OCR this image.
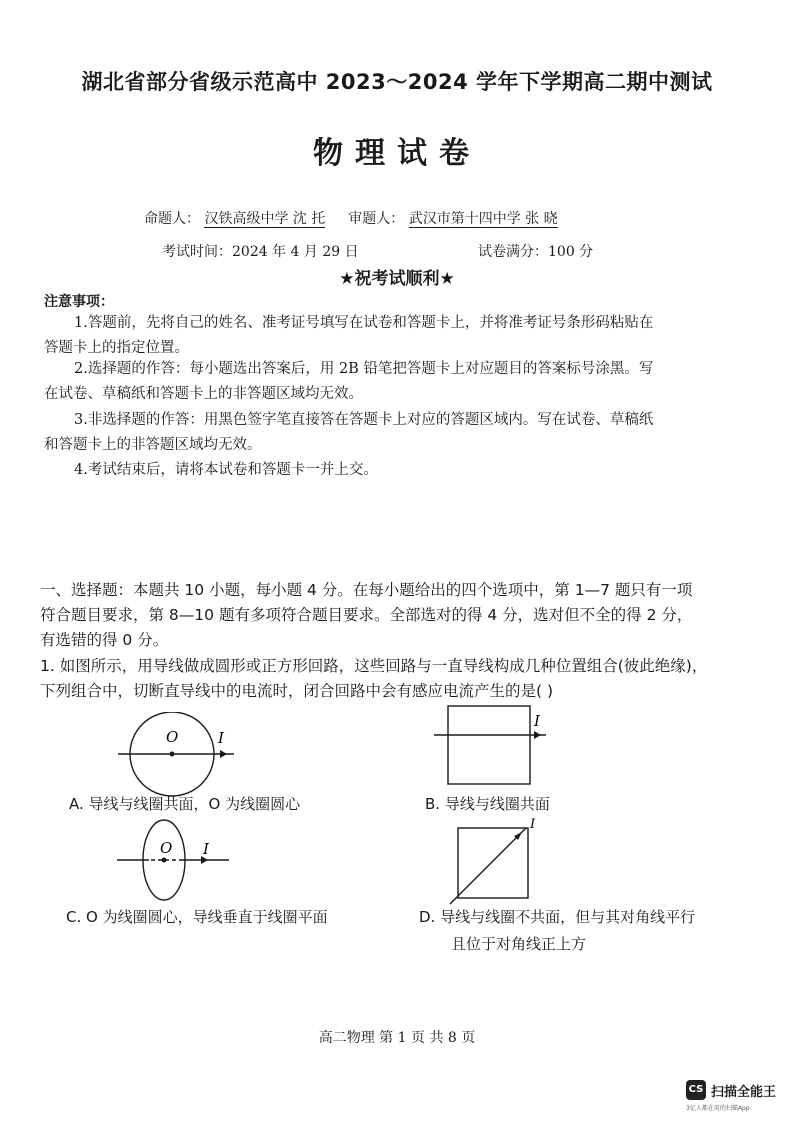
湖北省部分省级示范高中 2023～2024 学年下学期高二期中测试
物理试卷
命题人： 汉铁高级中学 沈 托 审题人： 武汉市第十四中学 张 晓
考试时间：2024 年 4 月 29 日	试卷满分：100 分
★祝考试顺利★
注意事项：
1.答题前，先将自己的姓名、准考证号填写在试卷和答题卡上，并将准考证号条形码粘贴在
答题卡上的指定位置。
2.选择题的作答：每小题选出答案后，用 2B 铅笔把答题卡上对应题目的答案标号涂黑。写
在试卷、草稿纸和答题卡上的非答题区域均无效。
3.非选择题的作答：用黑色签字笔直接答在答题卡上对应的答题区域内。写在试卷、草稿纸
和答题卡上的非答题区域均无效。
4.考试结束后，请将本试卷和答题卡一并上交。
一、选择题：本题共 10 小题，每小题 4 分。在每小题给出的四个选项中，第 1—7 题只有一项
符合题目要求，第 8—10 题有多项符合题目要求。全部选对的得 4 分，选对但不全的得 2 分，
有选错的得 0 分。
1. 如图所示，用导线做成圆形或正方形回路，这些回路与一直导线构成几种位置组合(彼此绝缘)，
下列组合中，切断直导线中的电流时，闭合回路中会有感应电流产生的是( )
O	I
I
A. 导线与线圈共面，O 为线圈圆心	B. 导线与线圈共面
O I
I
C. O 为线圈圆心，导线垂直于线圈平面	D. 导线与线圈不共面，但与其对角线平行
且位于对角线正上方
高二物理 第 1 页 共 8 页
CS 扫描全能王
3亿人都在用的扫描App
